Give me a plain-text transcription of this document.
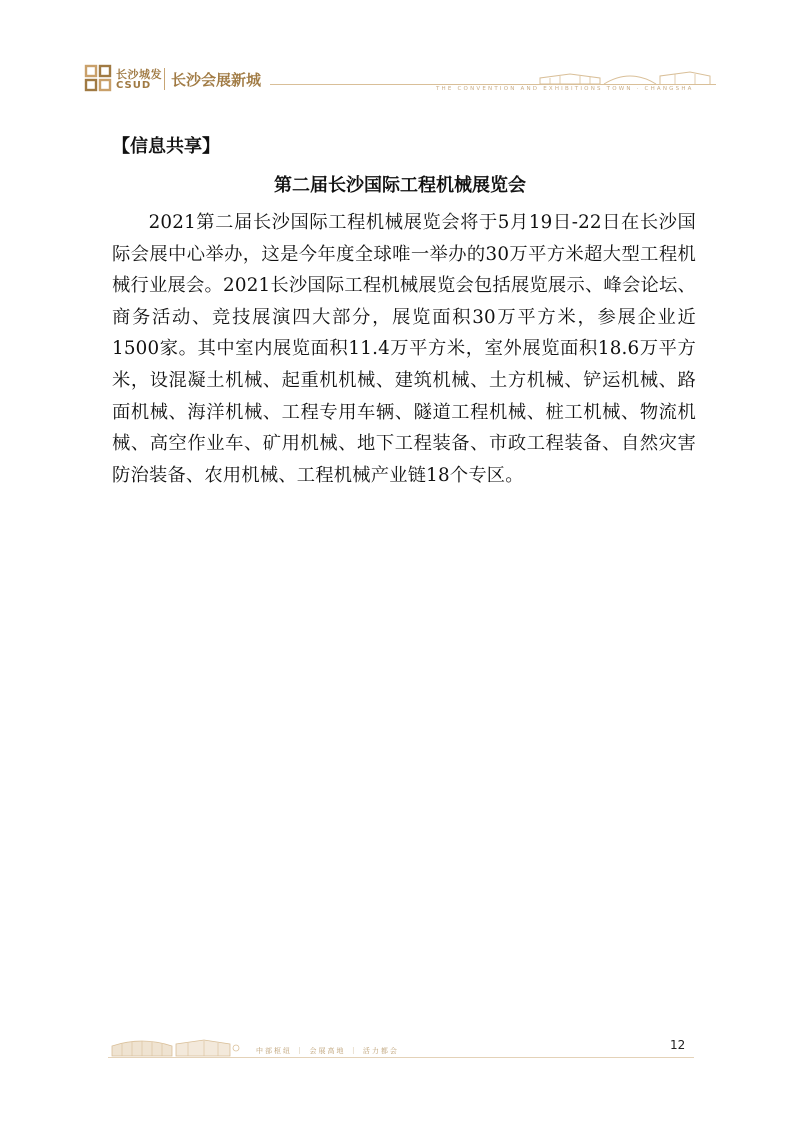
长沙城发
CSUD 长沙会展新城	THE CONVENTION AND EXHIBITIONS TOWN · CHANGSHA
【信息共享】
第二届长沙国际工程机械展览会

2021第二届长沙国际工程机械展览会将于5月19日-22日在长沙国际会展中心举办，这是今年度全球唯一举办的30万平方米超大型工程机械行业展会。2021长沙国际工程机械展览会包括展览展示、峰会论坛、商务活动、竞技展演四大部分，展览面积30万平方米，参展企业近1500家。其中室内展览面积11.4万平方米，室外展览面积18.6万平方米，设混凝土机械、起重机机械、建筑机械、土方机械、铲运机械、路面机械、海洋机械、工程专用车辆、隧道工程机械、桩工机械、物流机械、高空作业车、矿用机械、地下工程装备、市政工程装备、自然灾害防治装备、农用机械、工程机械产业链18个专区。

中部枢纽 ｜ 会展高地 ｜ 活力都会	12
